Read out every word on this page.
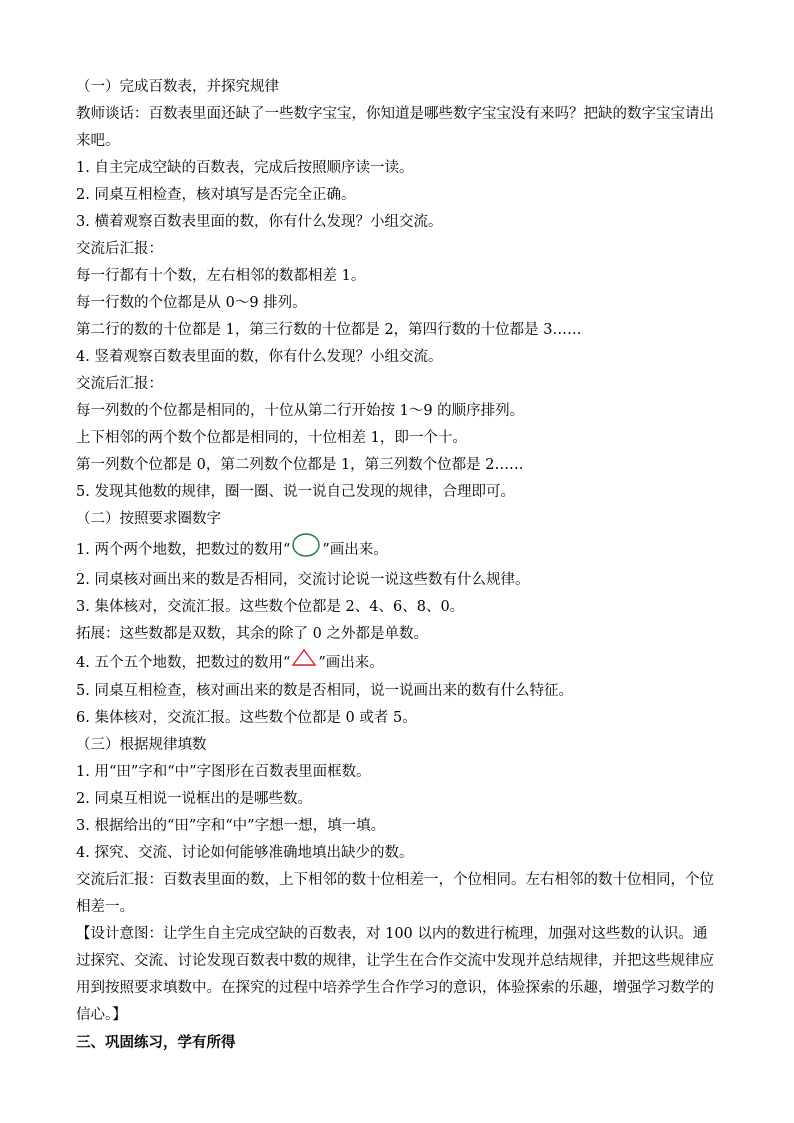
（一）完成百数表，并探究规律

教师谈话：百数表里面还缺了一些数字宝宝，你知道是哪些数字宝宝没有来吗？把缺的数字宝宝请出来吧。

1. 自主完成空缺的百数表，完成后按照顺序读一读。

2. 同桌互相检查，核对填写是否完全正确。

3. 横着观察百数表里面的数，你有什么发现？小组交流。

交流后汇报：

每一行都有十个数，左右相邻的数都相差 1。

每一行数的个位都是从 0～9 排列。

第二行的数的十位都是 1，第三行数的十位都是 2，第四行数的十位都是 3……

4. 竖着观察百数表里面的数，你有什么发现？小组交流。

交流后汇报：

每一列数的个位都是相同的，十位从第二行开始按 1～9 的顺序排列。

上下相邻的两个数个位都是相同的，十位相差 1，即一个十。

第一列数个位都是 0，第二列数个位都是 1，第三列数个位都是 2……

5. 发现其他数的规律，圈一圈、说一说自己发现的规律，合理即可。

（二）按照要求圈数字

1. 两个两个地数，把数过的数用“ ”画出来。

2. 同桌核对画出来的数是否相同，交流讨论说一说这些数有什么规律。

3. 集体核对，交流汇报。这些数个位都是 2、4、6、8、0。

拓展：这些数都是双数，其余的除了 0 之外都是单数。

4. 五个五个地数，把数过的数用“ ”画出来。

5. 同桌互相检查，核对画出来的数是否相同，说一说画出来的数有什么特征。

6. 集体核对，交流汇报。这些数个位都是 0 或者 5。

（三）根据规律填数

1. 用“田”字和“中”字图形在百数表里面框数。

2. 同桌互相说一说框出的是哪些数。

3. 根据给出的“田”字和“中”字想一想，填一填。

4. 探究、交流、讨论如何能够准确地填出缺少的数。

交流后汇报：百数表里面的数，上下相邻的数十位相差一，个位相同。左右相邻的数十位相同，个位相差一。

【设计意图：让学生自主完成空缺的百数表，对 100 以内的数进行梳理，加强对这些数的认识。通过探究、交流、讨论发现百数表中数的规律，让学生在合作交流中发现并总结规律，并把这些规律应用到按照要求填数中。在探究的过程中培养学生合作学习的意识，体验探索的乐趣，增强学习数学的信心。】

三、巩固练习，学有所得
